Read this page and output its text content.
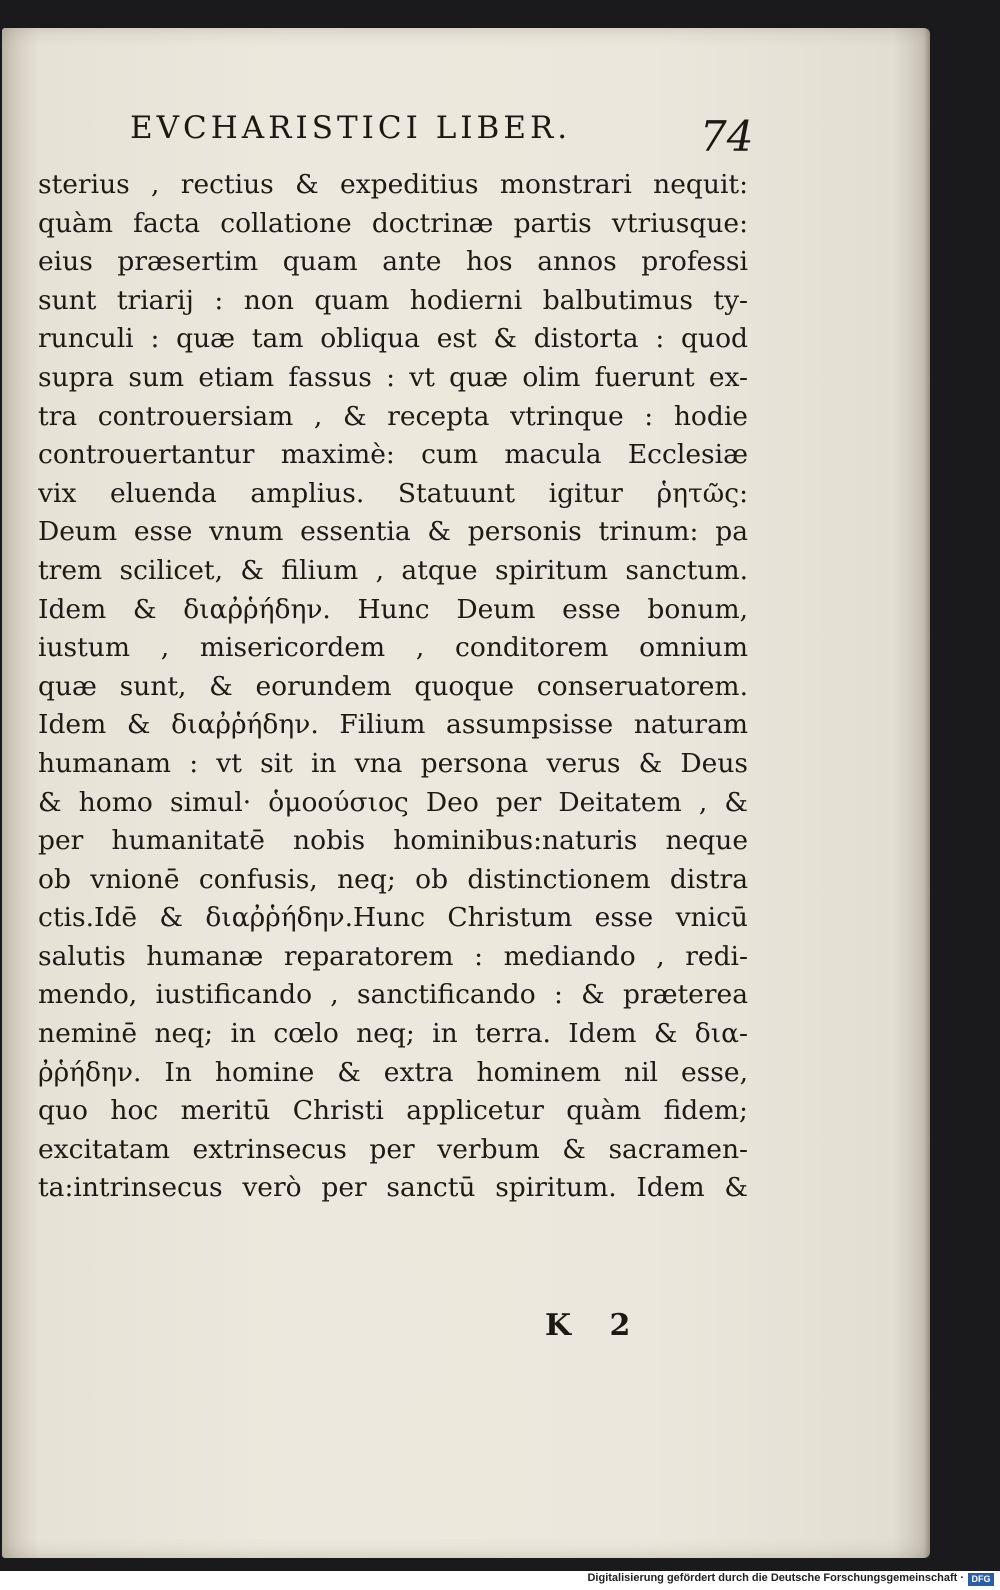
EVCHARISTICI LIBER.	74
sterius , rectius & expeditius monstrari nequit:
quàm facta collatione doctrinæ partis vtriusque:
eius præsertim quam ante hos annos professi
sunt triarij : non quam hodierni balbutimus ty-
runculi : quæ tam obliqua est & distorta : quod
supra sum etiam fassus : vt quæ olim fuerunt ex-
tra controuersiam , & recepta vtrinque : hodie
controuertantur maximè: cum macula Ecclesiæ
vix eluenda amplius. Statuunt igitur ῥητῶς:
Deum esse vnum essentia & personis trinum: pa
trem scilicet, & filium , atque spiritum sanctum.
Idem & διαῤῥήδην. Hunc Deum esse bonum,
iustum , misericordem , conditorem omnium
quæ sunt, & eorundem quoque conseruatorem.
Idem & διαῤῥήδην. Filium assumpsisse naturam
humanam : vt sit in vna persona verus & Deus
& homo simul· ὁμοούσιος Deo per Deitatem , &
per humanitatē nobis hominibus:naturis neque
ob vnionē confusis, neq; ob distinctionem distra
ctis.Idē & διαῤῥήδην.Hunc Christum esse vnicū
salutis humanæ reparatorem : mediando , redi-
mendo, iustificando , sanctificando : & præterea
neminē neq; in cœlo neq; in terra. Idem & δια-
ῤῥήδην. In homine & extra hominem nil esse,
quo hoc meritū Christi applicetur quàm fidem;
excitatam extrinsecus per verbum & sacramen-
ta:intrinsecus verò per sanctū spiritum. Idem &
K 2
Digitalisierung gefördert durch die Deutsche Forschungsgemeinschaft · DFG
